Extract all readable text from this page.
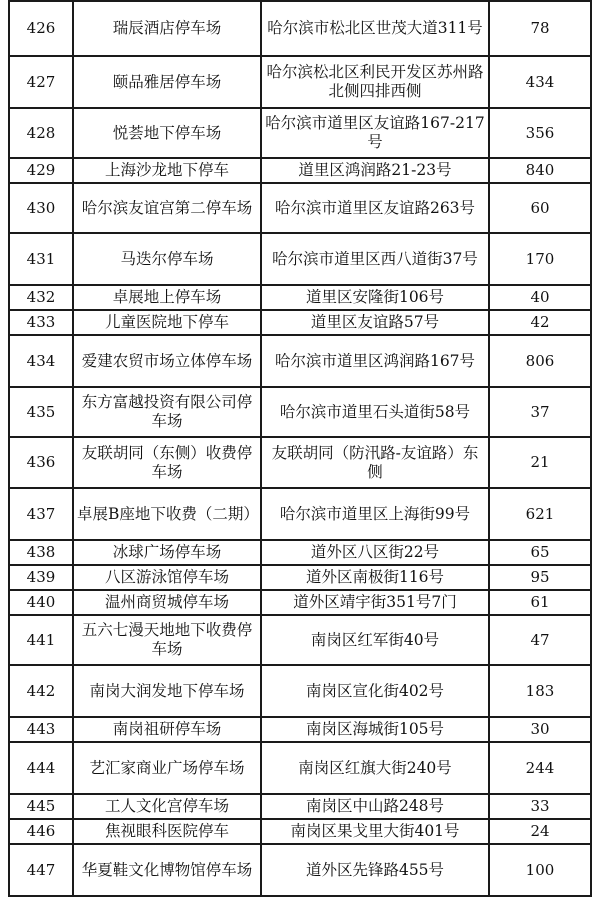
426	瑞辰酒店停车场	哈尔滨市松北区世茂大道311号	78
427	颐品雅居停车场	哈尔滨松北区利民开发区苏州路北侧四排西侧	434
428	悦荟地下停车场	哈尔滨市道里区友谊路167-217号	356
429	上海沙龙地下停车	道里区鸿润路21-23号	840
430	哈尔滨友谊宫第二停车场	哈尔滨市道里区友谊路263号	60
431	马迭尔停车场	哈尔滨市道里区西八道街37号	170
432	卓展地上停车场	道里区安隆街106号	40
433	儿童医院地下停车	道里区友谊路57号	42
434	爱建农贸市场立体停车场	哈尔滨市道里区鸿润路167号	806
435	东方富越投资有限公司停车场	哈尔滨市道里石头道街58号	37
436	友联胡同（东侧）收费停车场	友联胡同（防汛路-友谊路）东侧	21
437	卓展B座地下收费（二期）	哈尔滨市道里区上海街99号	621
438	冰球广场停车场	道外区八区街22号	65
439	八区游泳馆停车场	道外区南极街116号	95
440	温州商贸城停车场	道外区靖宇街351号7门	61
441	五六七漫天地地下收费停车场	南岗区红军街40号	47
442	南岗大润发地下停车场	南岗区宣化街402号	183
443	南岗祖研停车场	南岗区海城街105号	30
444	艺汇家商业广场停车场	南岗区红旗大街240号	244
445	工人文化宫停车场	南岗区中山路248号	33
446	焦视眼科医院停车	南岗区果戈里大街401号	24
447	华夏鞋文化博物馆停车场	道外区先锋路455号	100
